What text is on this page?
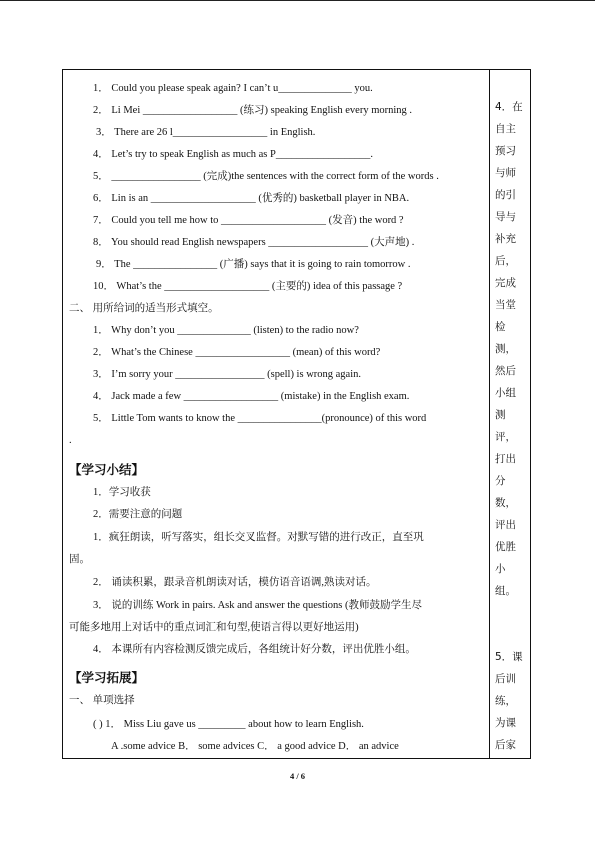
1． Could you please speak again? I can’t u______________ you.
2． Li Mei __________________ (练习) speaking English every morning .
3． There are 26 l__________________ in English.
4． Let’s try to speak English as much as P__________________.
5． _________________ (完成)the sentences with the correct form of the words .
6． Lin is an ____________________ (优秀的) basketball player in NBA.
7． Could you tell me how to ____________________ (发音) the word ?
8． You should read English newspapers ___________________ (大声地) .
9． The ________________ (广播) says that it is going to rain tomorrow .
10． What’s the ____________________ (主要的) idea of this passage ?
二、 用所给词的适当形式填空。
1． Why don’t you ______________ (listen) to the radio now?
2． What’s the Chinese __________________ (mean) of this word?
3． I’m sorry your _________________ (spell) is wrong again.
4． Jack made a few __________________ (mistake) in the English exam.
5． Little Tom wants to know the ________________(pronounce) of this word
.
1．学习收获
2．需要注意的问题
1．疯狂朗读，听写落实，组长交叉监督。对默写错的进行改正，直至巩
固。
2． 诵读积累，跟录音机朗读对话，模仿语音语调,熟读对话。
3． 说的训练 Work in pairs. Ask and answer the questions (教师鼓励学生尽
可能多地用上对话中的重点词汇和句型,使语言得以更好地运用)
4． 本课所有内容检测反馈完成后，各组统计好分数，评出优胜小组。
一、 单项选择
( ) 1． Miss Liu gave us _________ about how to learn English.
A .some advice B． some advices C． a good advice D． an advice
【学习小结】
【学习拓展】
4．在
自主
预习
与师
的引
导与
补充
后，
完成
当堂
检
测，
然后
小组
测
评，
打出
分
数，
评出
优胜
小
组。
5．课
后训
练，
为课
后家
4 / 6
